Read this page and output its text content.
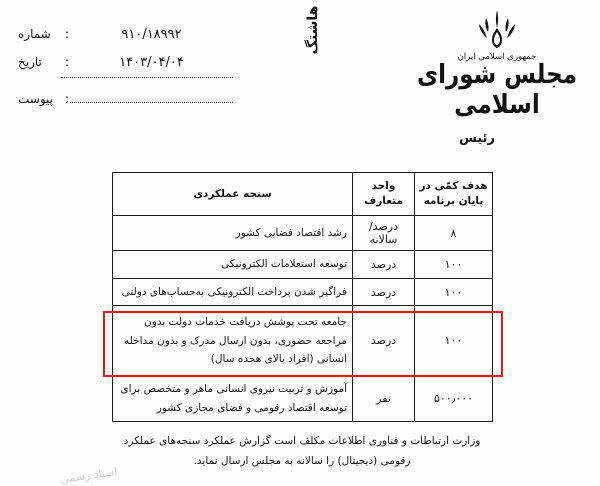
جمهوری اسلامی ایران
مجلس شورای اسلامی
رئیس
هاشتگ
۹۱۰/۱۸۹۹۲
:
شماره
۱۴۰۳/۰۴/۰۴
:
تاریخ
:
پیوست
هدف کمّی در پایان برنامه	واحد متعارف	سنجه عملکردی
۸	درصد/سالانه	رشد اقتصاد فضایی کشور
۱۰۰	درصد	توسعه استعلامات الکترونیکی
۱۰۰	درصد	فراگیر شدن پرداخت الکترونیکی به‌حساب‌های دولتی
۱۰۰	درصد	جامعه تحت پوشش دریافت خدمات دولت بدون مراجعه حضوری، بدون ارسال مدرک و بدون مداخله انسانی (افراد بالای هجده سال)
۵۰۰٫۰۰۰	نفر	آموزش و تربیت نیروی انسانی ماهر و متخصص برای توسعه اقتصاد رقومی و فضای مجازی کشور
وزارت ارتباطات و فناوری اطلاعات مکلف است گزارش عملکرد سنجه‌های عملکرد رقومی (دیجیتال) را سالانه به مجلس ارسال نماید.
اسناد رسمی
